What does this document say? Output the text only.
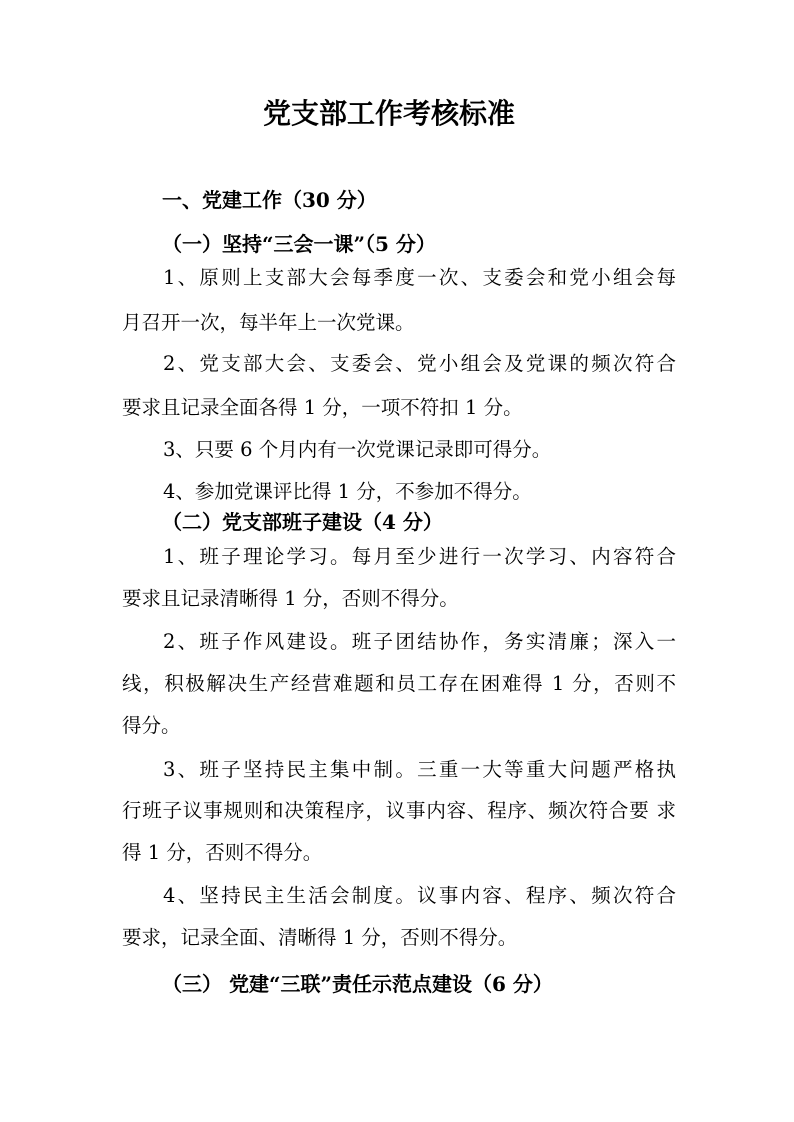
党支部工作考核标准
一、党建工作（30 分）
（一）坚持“三会一课”（5 分）
1、原则上支部大会每季度一次、支委会和党小组会每
月召开一次，每半年上一次党课。
2、党支部大会、支委会、党小组会及党课的频次符合
要求且记录全面各得 1 分，一项不符扣 1 分。
3、只要 6 个月内有一次党课记录即可得分。
4、参加党课评比得 1 分，不参加不得分。
（二）党支部班子建设（4 分）
1、班子理论学习。每月至少进行一次学习、内容符合
要求且记录清晰得 1 分，否则不得分。
2、班子作风建设。班子团结协作，务实清廉；深入一
线，积极解决生产经营难题和员工存在困难得 1 分，否则不
得分。
3、班子坚持民主集中制。三重一大等重大问题严格执
行班子议事规则和决策程序，议事内容、程序、频次符合要 求
得 1 分，否则不得分。
4、坚持民主生活会制度。议事内容、程序、频次符合
要求，记录全面、清晰得 1 分，否则不得分。
（三） 党建“三联”责任示范点建设（6 分）
